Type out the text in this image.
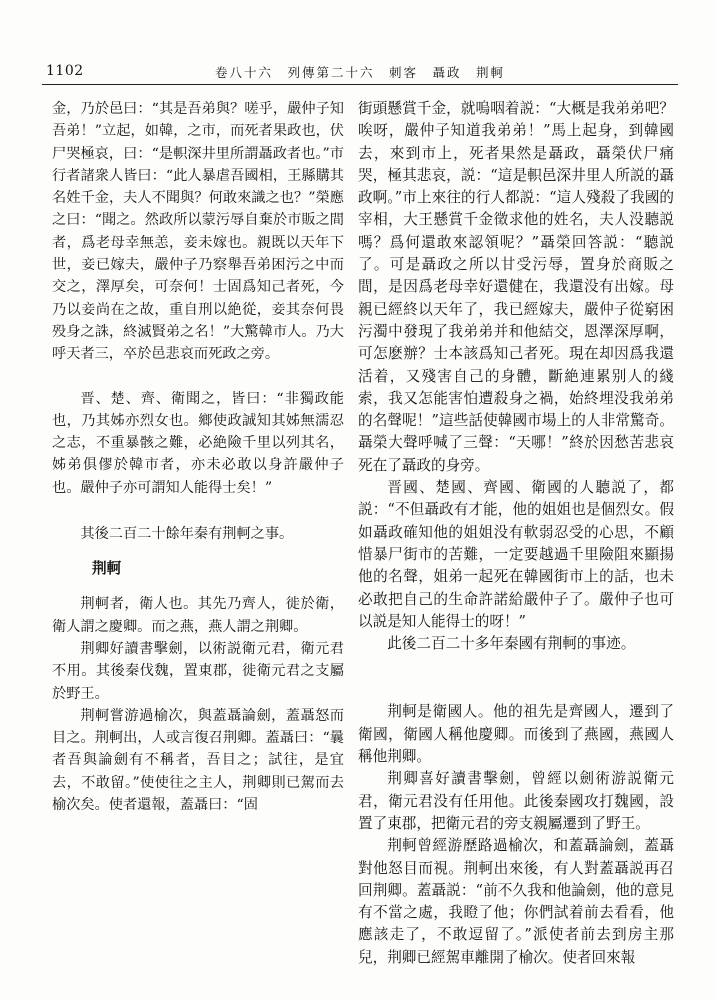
1102	卷八十六　列傳第二十六　刺客　聶政　荆軻

金，乃於邑曰：“其是吾弟與？嗟乎，嚴仲子知吾弟！”立起，如韓，之市，而死者果政也，伏尸哭極哀，曰：“是軹深井里所謂聶政者也。”市行者諸衆人皆曰：“此人暴虐吾國相，王縣購其名姓千金，夫人不聞與？何敢來識之也？”榮應之曰：“聞之。然政所以蒙污辱自棄於市販之間者，爲老母幸無恙，妾未嫁也。親既以天年下世，妾已嫁夫，嚴仲子乃察舉吾弟困污之中而交之，澤厚矣，可奈何！士固爲知己者死，今乃以妾尚在之故，重自刑以絶從，妾其奈何畏殁身之誅，終滅賢弟之名！”大驚韓市人。乃大呼天者三，卒於邑悲哀而死政之旁。

晋、楚、齊、衛聞之，皆曰：“非獨政能也，乃其姊亦烈女也。鄉使政誠知其姊無濡忍之志，不重暴骸之難，必絶險千里以列其名，姊弟俱僇於韓市者，亦未必敢以身許嚴仲子也。嚴仲子亦可謂知人能得士矣！”

其後二百二十餘年秦有荆軻之事。

荆軻

荆軻者，衛人也。其先乃齊人，徙於衛，衛人謂之慶卿。而之燕，燕人謂之荆卿。

荆卿好讀書擊劍，以術説衛元君，衛元君不用。其後秦伐魏，置東郡，徙衛元君之支屬於野王。

荆軻嘗游過榆次，與蓋聶論劍，蓋聶怒而目之。荆軻出，人或言復召荆卿。蓋聶曰：“曩者吾與論劍有不稱者，吾目之；試往，是宜去，不敢留。”使使往之主人，荆卿則已駕而去榆次矣。使者還報，蓋聶曰：“固

街頭懸賞千金，就嗚咽着説：“大概是我弟弟吧？唉呀，嚴仲子知道我弟弟！”馬上起身，到韓國去，來到市上，死者果然是聶政，聶榮伏尸痛哭，極其悲哀，説：“這是軹邑深井里人所説的聶政啊。”市上來往的行人都説：“這人殘殺了我國的宰相，大王懸賞千金徵求他的姓名，夫人没聽説嗎？爲何還敢來認領呢？”聶榮回答説：“聽説了。可是聶政之所以甘受污辱，置身於商販之間，是因爲老母幸好還健在，我還没有出嫁。母親已經終以天年了，我已經嫁夫，嚴仲子從窮困污濁中發現了我弟弟并和他結交，恩澤深厚啊，可怎麽辦？士本該爲知己者死。現在却因爲我還活着，又殘害自己的身體，斷絶連累别人的綫索，我又怎能害怕遭殺身之禍，始終埋没我弟弟的名聲呢！”這些話使韓國市場上的人非常驚奇。聶榮大聲呼喊了三聲：“天哪！”終於因愁苦悲哀死在了聶政的身旁。

晋國、楚國、齊國、衛國的人聽説了，都説：“不但聶政有才能，他的姐姐也是個烈女。假如聶政確知他的姐姐没有軟弱忍受的心思，不顧惜暴尸街市的苦難，一定要越過千里險阻來顯揚他的名聲，姐弟一起死在韓國街市上的話，也未必敢把自己的生命許諾給嚴仲子了。嚴仲子也可以説是知人能得士的呀！”

此後二百二十多年秦國有荆軻的事迹。

荆軻是衛國人。他的祖先是齊國人，遷到了衛國，衛國人稱他慶卿。而後到了燕國，燕國人稱他荆卿。

荆卿喜好讀書擊劍，曾經以劍術游説衛元君，衛元君没有任用他。此後秦國攻打魏國，設置了東郡，把衛元君的旁支親屬遷到了野王。

荆軻曾經游歷路過榆次，和蓋聶論劍，蓋聶對他怒目而視。荆軻出來後，有人對蓋聶説再召回荆卿。蓋聶説：“前不久我和他論劍，他的意見有不當之處，我瞪了他；你們試着前去看看，他應該走了，不敢逗留了。”派使者前去到房主那兒，荆卿已經駕車離開了榆次。使者回來報
